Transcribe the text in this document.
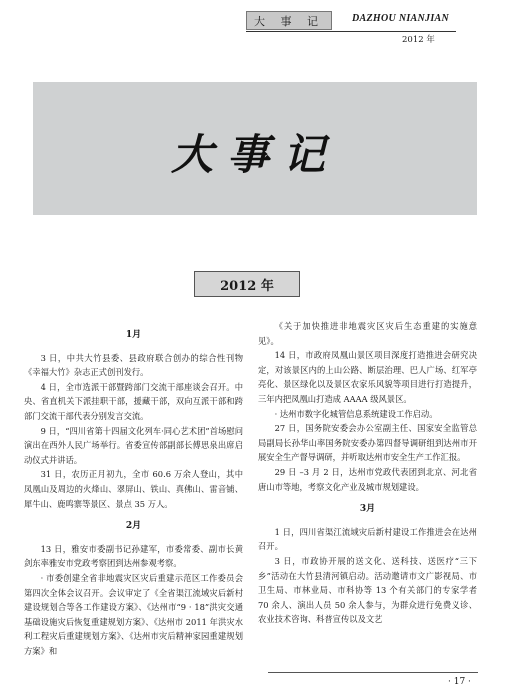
大 事 记	DAZHOU NIANJIAN
2012 年
大事记
2012 年
1月

3 日，中共大竹县委、县政府联合创办的综合性刊物《幸福大竹》杂志正式创刊发行。

4 日，全市选派干部暨跨部门交流干部座谈会召开。中央、省直机关下派挂职干部，援藏干部，双向互派干部和跨部门交流干部代表分别发言交流。

9 日，“四川省第十四届文化列车·同心艺术团”首场慰问演出在西外人民广场举行。省委宣传部副部长傅思泉出席启动仪式并讲话。

31 日，农历正月初九，全市 60.6 万余人登山，其中凤凰山及周边的火烽山、翠屏山、铁山、真佛山、雷音铺、犀牛山、鹿鸣寨等景区、景点 35 万人。

2月

13 日，雅安市委副书记孙建军，市委常委、副市长黄剑东率雅安市党政考察团到达州参观考察。

· 市委创建全省非地震灾区灾后重建示范区工作委员会第四次全体会议召开。会议审定了《全省渠江流域灾后新村建设规划合等各工作建设方案》、《达州市“9 · 18”洪灾交通基础设施灾后恢复重建规划方案》、《达州市 2011 年洪灾水利工程灾后重建规划方案》、《达州市灾后精神家园重建规划方案》和

《关于加快推进非地震灾区灾后生态重建的实施意见》。

14 日，市政府凤凰山景区项目深度打造推进会研究决定，对该景区内的上山公路、断层治理、巴人广场、红军亭亮化、景区绿化以及景区农家乐风貌等项目进行打造提升，三年内把凤凰山打造成 AAAA 级风景区。

· 达州市数字化城管信息系统建设工作启动。

27 日，国务院安委会办公室副主任、国家安全监管总局副局长孙华山率国务院安委办第四督导调研组到达州市开展安全生产督导调研，并听取达州市安全生产工作汇报。

29 日 –3 月 2 日，达州市党政代表团到北京、河北省唐山市等地，考察文化产业及城市规划建设。

3月

1 日，四川省渠江流域灾后新村建设工作推进会在达州召开。

3 日，市政协开展的送文化、送科技、送医疗“三下乡”活动在大竹县清河镇启动。活动邀请市文广影视局、市卫生局、市林业局、市科协等 13 个有关部门的专家学者 70 余人、演出人员 50 余人参与，为群众进行免费义诊、农业技术咨询、科普宣传以及文艺

· 17 ·
